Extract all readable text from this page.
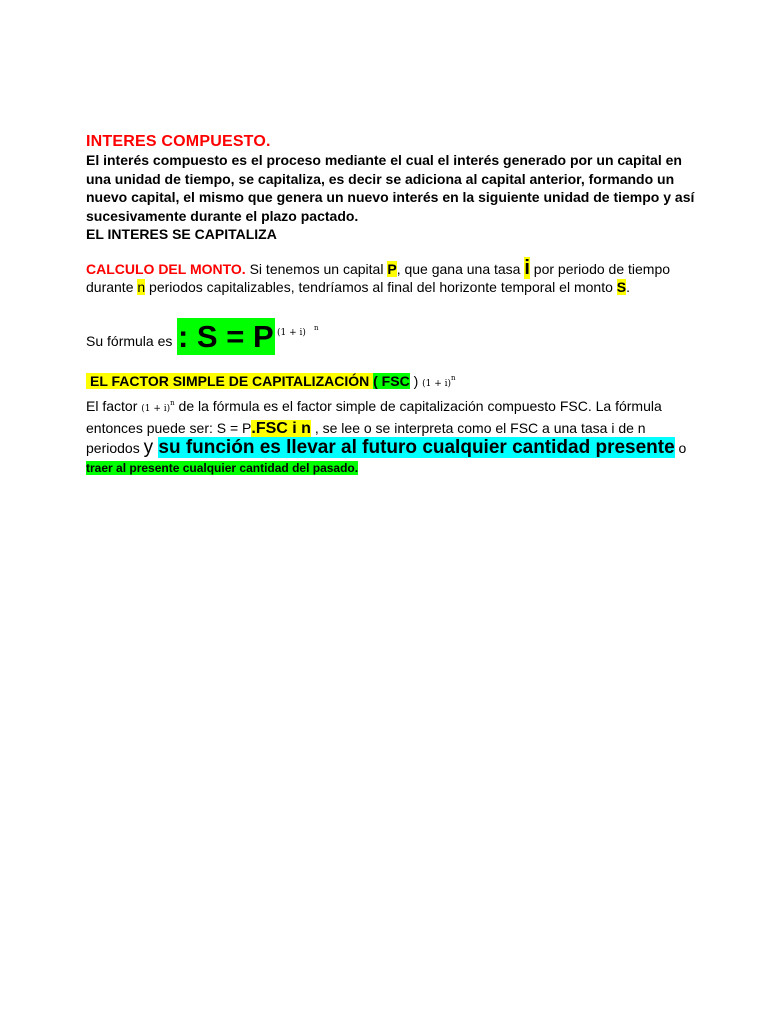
INTERES COMPUESTO.
El interés compuesto es el proceso mediante el cual el interés generado por un capital en una unidad de tiempo, se capitaliza, es decir se adiciona al capital anterior, formando un nuevo capital, el mismo que genera un nuevo interés en la siguiente unidad de tiempo y así sucesivamente durante el plazo pactado.
EL INTERES SE CAPITALIZA
CALCULO DEL MONTO. Si tenemos un capital P, que gana una tasa i por periodo de tiempo durante n periodos capitalizables, tendríamos al final del horizonte temporal el monto S.
Su fórmula es : S = P (1 + i) n
EL FACTOR SIMPLE DE CAPITALIZACIÓN ( FSC ) $(1 + i)^n$
El factor $(1 + i)^n$ de la fórmula es el factor simple de capitalización compuesto FSC. La fórmula entonces puede ser: S = P.FSC i n , se lee o se interpreta como el FSC a una tasa i de n periodos y su función es llevar al futuro cualquier cantidad presente o traer al presente cualquier cantidad del pasado.
